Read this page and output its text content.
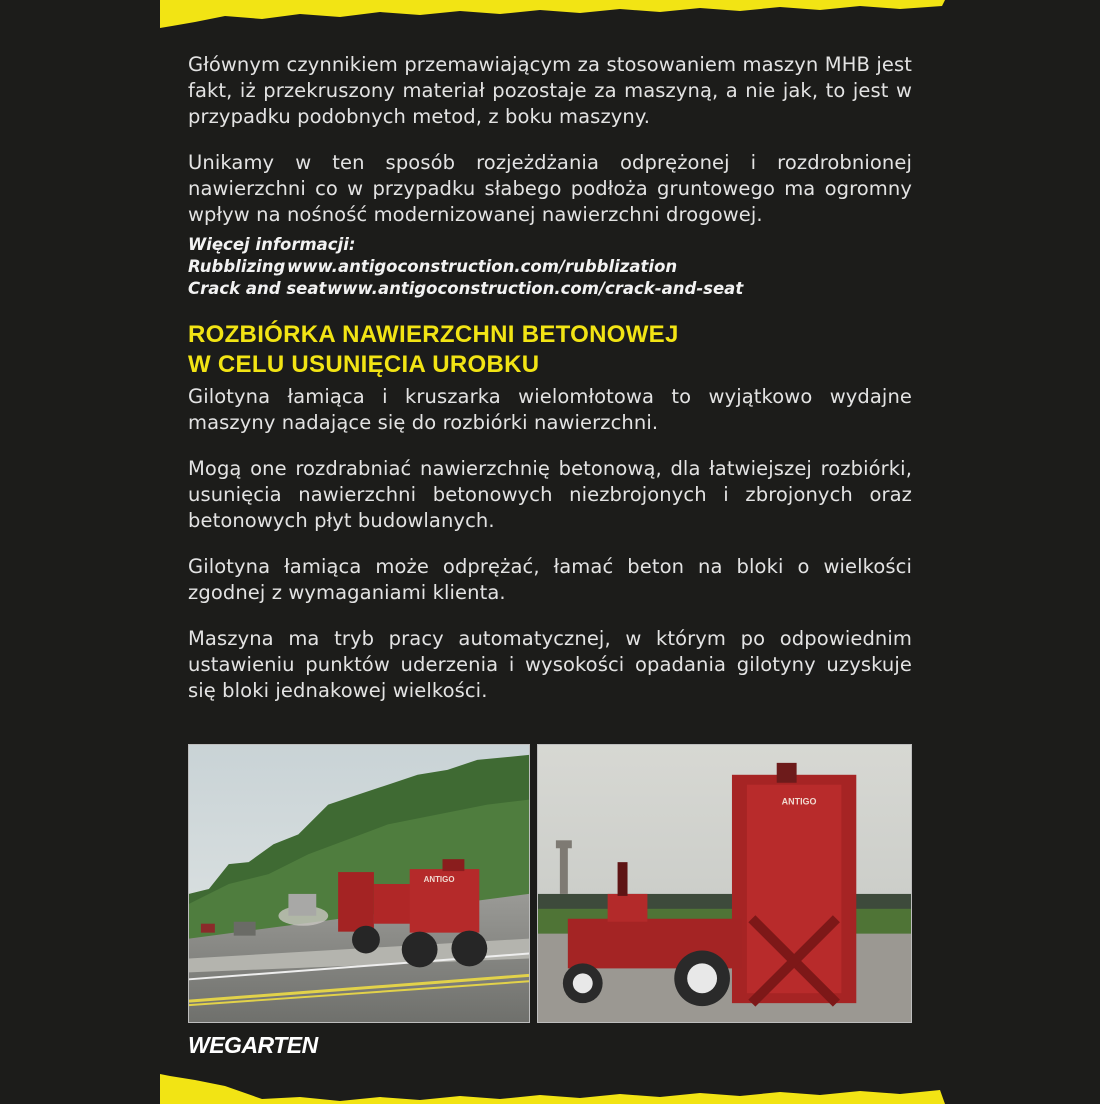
Głównym czynnikiem przemawiającym za stosowaniem maszyn MHB jest fakt, iż przekruszony materiał pozostaje za maszyną, a nie jak, to jest w przypadku podobnych metod, z boku maszyny.

Unikamy w ten sposób rozjeżdżania odprężonej i rozdrobnionej nawierzchni co w przypadku słabego podłoża gruntowego ma ogromny wpływ na nośność modernizowanej nawierzchni drogowej.

Więcej informacji:
Rubblizing www.antigoconstruction.com/rubblization
Crack and seatwww.antigoconstruction.com/crack-and-seat
ROZBIÓRKA NAWIERZCHNI BETONOWEJ
W CELU USUNIĘCIA UROBKU

Gilotyna łamiąca i kruszarka wielomłotowa to wyjątkowo wydajne maszyny nadające się do rozbiórki nawierzchni.

Mogą one rozdrabniać nawierzchnię betonową, dla łatwiejszej rozbiórki, usunięcia nawierzchni betonowych niezbrojonych i zbrojonych oraz betonowych płyt budowlanych.

Gilotyna łamiąca może odprężać, łamać beton na bloki o wielkości zgodnej z wymaganiami klienta.

Maszyna ma tryb pracy automatycznej, w którym po odpowiednim ustawieniu punktów uderzenia i wysokości opadania gilotyny uzyskuje się bloki jednakowej wielkości.

ANTIGO
ANTIGO
WEGARTEN
